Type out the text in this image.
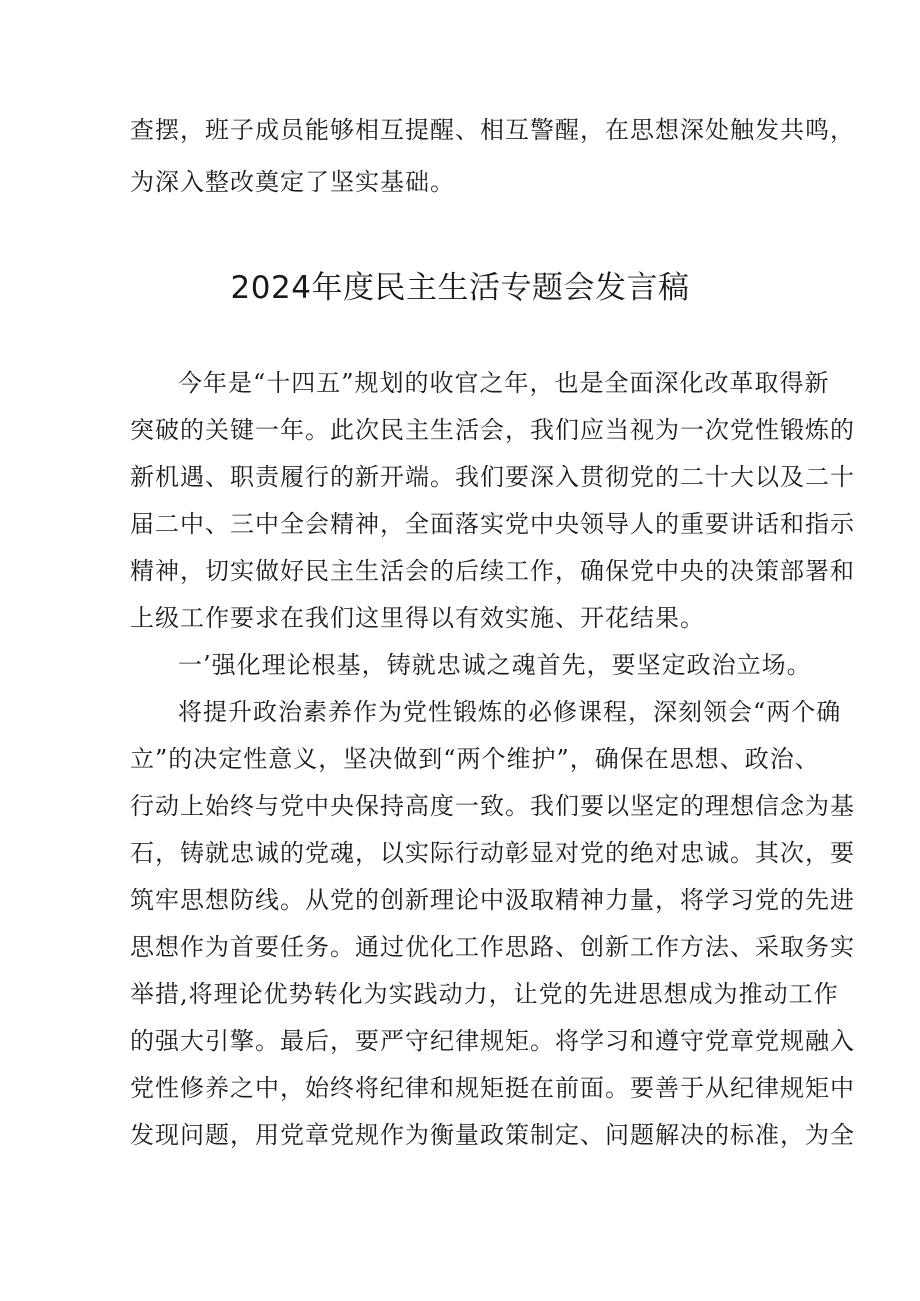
查摆，班子成员能够相互提醒、相互警醒，在思想深处触发共鸣，
为深入整改奠定了坚实基础。
2024年度民主生活专题会发言稿
今年是“十四五”规划的收官之年，也是全面深化改革取得新
突破的关键一年。此次民主生活会，我们应当视为一次党性锻炼的
新机遇、职责履行的新开端。我们要深入贯彻党的二十大以及二十
届二中、三中全会精神，全面落实党中央领导人的重要讲话和指示
精神，切实做好民主生活会的后续工作，确保党中央的决策部署和
上级工作要求在我们这里得以有效实施、开花结果。
一’强化理论根基，铸就忠诚之魂首先，要坚定政治立场。
将提升政治素养作为党性锻炼的必修课程，深刻领会“两个确
立”的决定性意义，坚决做到“两个维护”，确保在思想、政治、
行动上始终与党中央保持高度一致。我们要以坚定的理想信念为基
石，铸就忠诚的党魂，以实际行动彰显对党的绝对忠诚。其次，要
筑牢思想防线。从党的创新理论中汲取精神力量，将学习党的先进
思想作为首要任务。通过优化工作思路、创新工作方法、采取务实
举措,将理论优势转化为实践动力，让党的先进思想成为推动工作
的强大引擎。最后，要严守纪律规矩。将学习和遵守党章党规融入
党性修养之中，始终将纪律和规矩挺在前面。要善于从纪律规矩中
发现问题，用党章党规作为衡量政策制定、问题解决的标准，为全
